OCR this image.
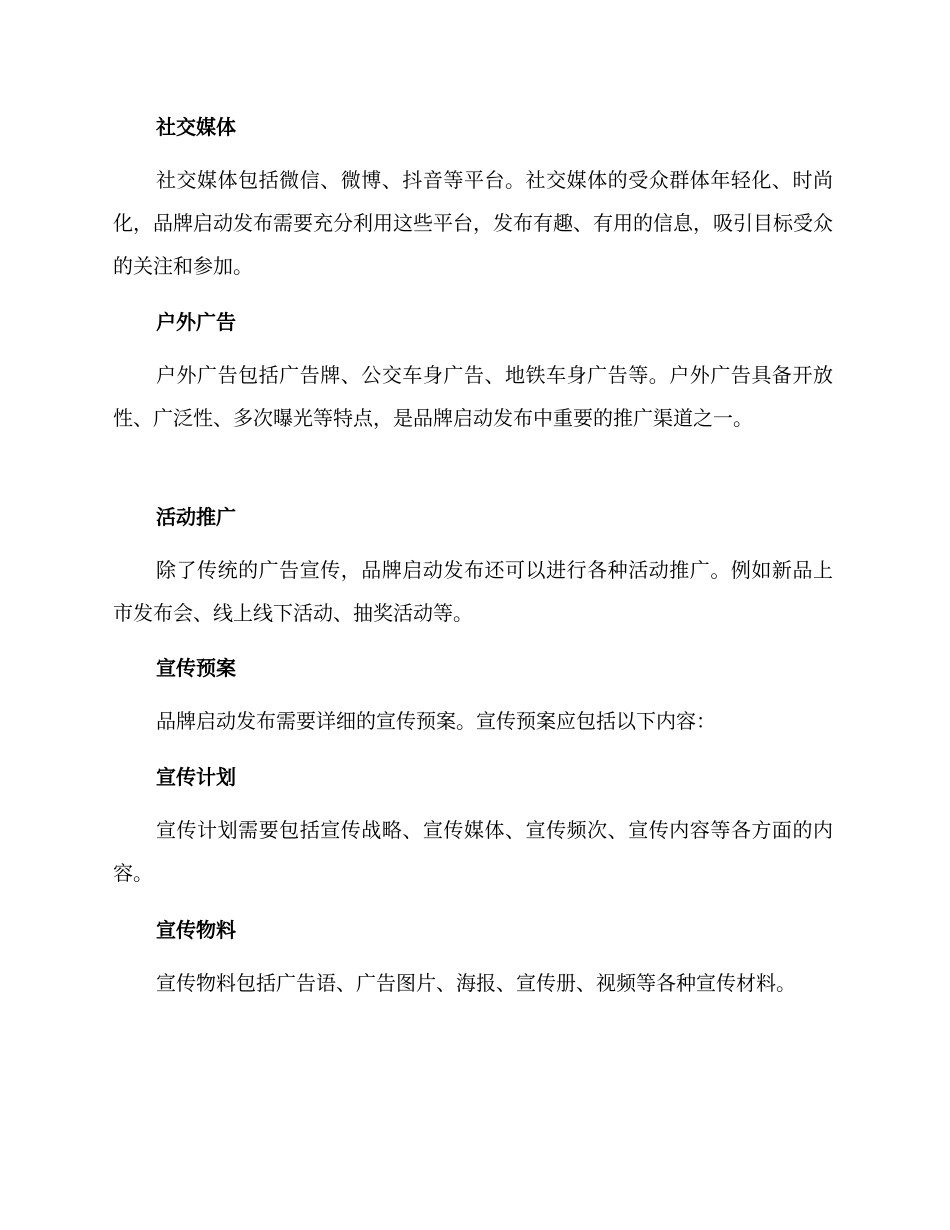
社交媒体

社交媒体包括微信、微博、抖音等平台。社交媒体的受众群体年轻化、时尚化，品牌启动发布需要充分利用这些平台，发布有趣、有用的信息，吸引目标受众的关注和参加。

户外广告

户外广告包括广告牌、公交车身广告、地铁车身广告等。户外广告具备开放性、广泛性、多次曝光等特点，是品牌启动发布中重要的推广渠道之一。

活动推广

除了传统的广告宣传，品牌启动发布还可以进行各种活动推广。例如新品上市发布会、线上线下活动、抽奖活动等。

宣传预案

品牌启动发布需要详细的宣传预案。宣传预案应包括以下内容：

宣传计划

宣传计划需要包括宣传战略、宣传媒体、宣传频次、宣传内容等各方面的内容。

宣传物料

宣传物料包括广告语、广告图片、海报、宣传册、视频等各种宣传材料。
